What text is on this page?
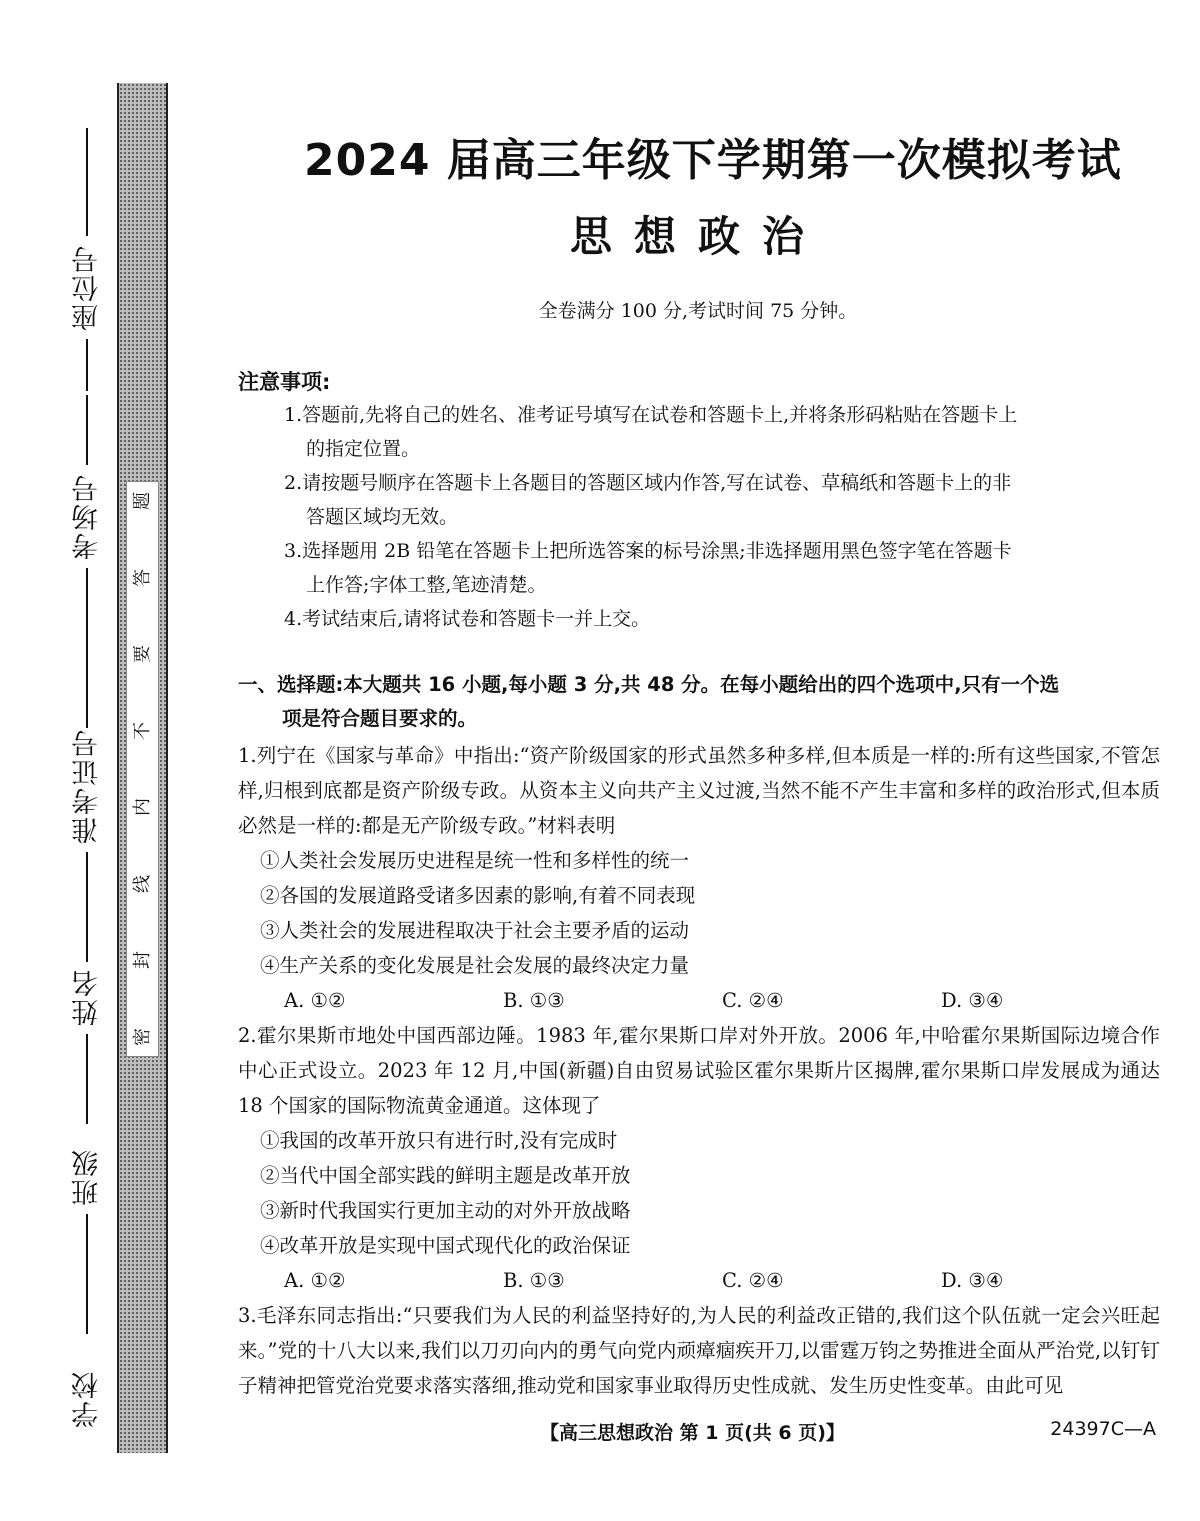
座位号
考场号
准考证号
姓名
班级
学校
题
答
要
不
内
线
封
密
2024 届高三年级下学期第一次模拟考试
思想政治
全卷满分 100 分,考试时间 75 分钟。
注意事项:
1.答题前,先将自己的姓名、准考证号填写在试卷和答题卡上,并将条形码粘贴在答题卡上
的指定位置。
2.请按题号顺序在答题卡上各题目的答题区域内作答,写在试卷、草稿纸和答题卡上的非
答题区域均无效。
3.选择题用 2B 铅笔在答题卡上把所选答案的标号涂黑;非选择题用黑色签字笔在答题卡
上作答;字体工整,笔迹清楚。
4.考试结束后,请将试卷和答题卡一并上交。
一、选择题:本大题共 16 小题,每小题 3 分,共 48 分。在每小题给出的四个选项中,只有一个选
项是符合题目要求的。
1.列宁在《国家与革命》中指出:“资产阶级国家的形式虽然多种多样,但本质是一样的:所有这些国家,不管怎样,归根到底都是资产阶级专政。从资本主义向共产主义过渡,当然不能不产生丰富和多样的政治形式,但本质必然是一样的:都是无产阶级专政。”材料表明
①人类社会发展历史进程是统一性和多样性的统一
②各国的发展道路受诸多因素的影响,有着不同表现
③人类社会的发展进程取决于社会主要矛盾的运动
④生产关系的变化发展是社会发展的最终决定力量
A. ①②	B. ①③	C. ②④	D. ③④
2.霍尔果斯市地处中国西部边陲。1983 年,霍尔果斯口岸对外开放。2006 年,中哈霍尔果斯国际边境合作中心正式设立。2023 年 12 月,中国(新疆)自由贸易试验区霍尔果斯片区揭牌,霍尔果斯口岸发展成为通达 18 个国家的国际物流黄金通道。这体现了
①我国的改革开放只有进行时,没有完成时
②当代中国全部实践的鲜明主题是改革开放
③新时代我国实行更加主动的对外开放战略
④改革开放是实现中国式现代化的政治保证
A. ①②	B. ①③	C. ②④	D. ③④
3.毛泽东同志指出:“只要我们为人民的利益坚持好的,为人民的利益改正错的,我们这个队伍就一定会兴旺起来。”党的十八大以来,我们以刀刃向内的勇气向党内顽瘴痼疾开刀,以雷霆万钧之势推进全面从严治党,以钉钉子精神把管党治党要求落实落细,推动党和国家事业取得历史性成就、发生历史性变革。由此可见
【高三思想政治 第 1 页(共 6 页)】	24397C—A
